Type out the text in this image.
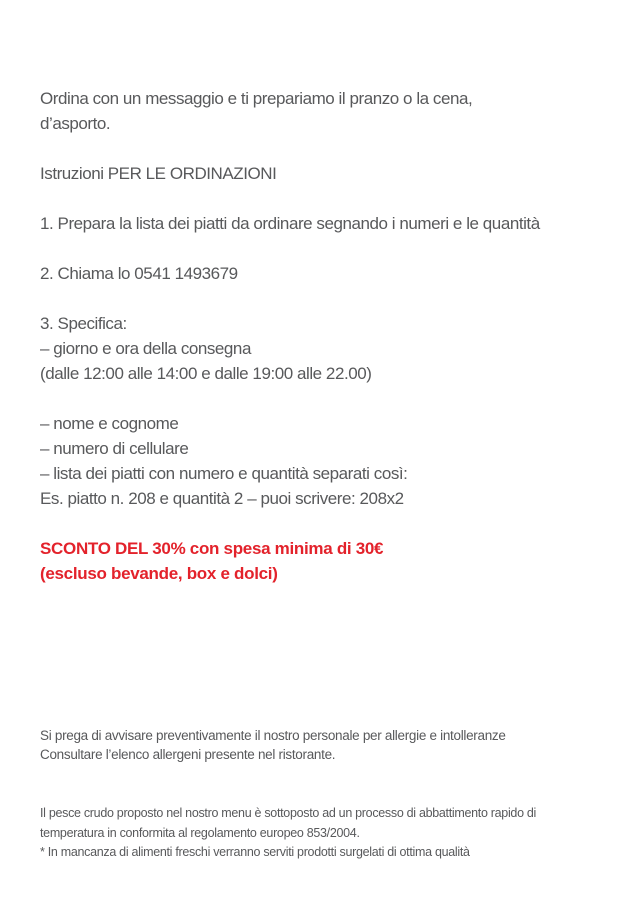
Ordina con un messaggio e ti prepariamo il pranzo o la cena,
d’asporto.
Istruzioni PER LE ORDINAZIONI
1. Prepara la lista dei piatti da ordinare segnando i numeri e le quantità
2. Chiama lo 0541 1493679
3. Specifica:
– giorno e ora della consegna
(dalle 12:00 alle 14:00 e dalle 19:00 alle 22.00)
– nome e cognome
– numero di cellulare
– lista dei piatti con numero e quantità separati così:
Es. piatto n. 208 e quantità 2 – puoi scrivere: 208x2
SCONTO DEL 30% con spesa minima di 30€
(escluso bevande, box e dolci)
Si prega di avvisare preventivamente il nostro personale per allergie e intolleranze
Consultare l’elenco allergeni presente nel ristorante.
Il pesce crudo proposto nel nostro menu è sottoposto ad un processo di abbattimento rapido di
temperatura in conformita al regolamento europeo 853/2004.
* In mancanza di alimenti freschi verranno serviti prodotti surgelati di ottima qualità
